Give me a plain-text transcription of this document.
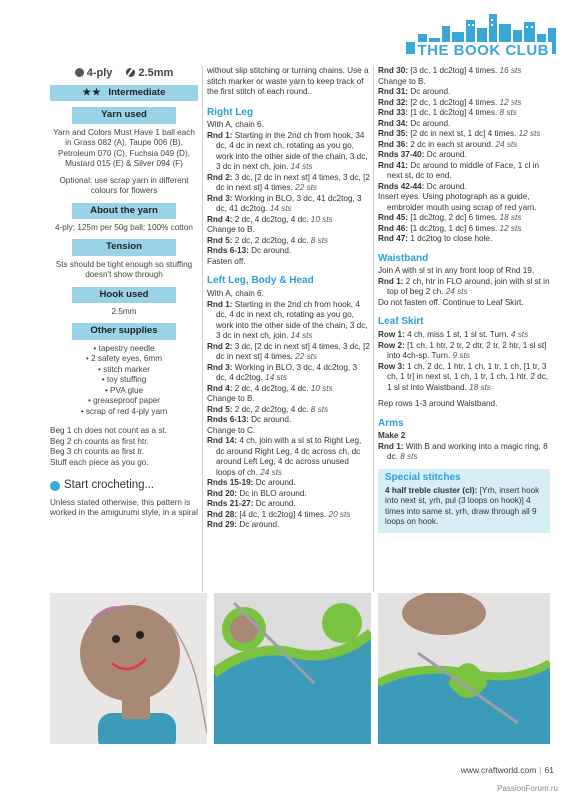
THE BOOK CLUB
4-ply	2.5mm
★★ Intermediate
Yarn used

Yarn and Colors Must Have 1 ball each in Grass 082 (A), Taupe 006 (B), Petroleum 070 (C), Fuchsia 049 (D), Mustard 015 (E) & Silver 094 (F)

Optional: use scrap yarn in different colours for flowers

About the yarn

4-ply; 125m per 50g ball; 100% cotton

Tension

Sts should be tight enough so stuffing doesn't show through

Hook used

2.5mm

Other supplies

• tapestry needle

• 2 safety eyes, 6mm

• stitch marker

• toy stuffing

• PVA glue

• greaseproof paper

• scrap of red 4-ply yarn

Beg 1 ch does not count as a st.

Beg 2 ch counts as first htr.

Beg 3 ch counts as first tr.

Stuff each piece as you go.

Start crocheting...

Unless stated otherwise, this pattern is worked in the amigurumi style, in a spiral

without slip stitching or turning chains. Use a stitch marker or waste yarn to keep track of the first stitch of each round..

Right Leg

With A, chain 6.

Rnd 1: Starting in the 2nd ch from hook, 34 dc, 4 dc in next ch, rotating as you go, work into the other side of the chain, 3 dc, 3 dc in next ch, join. 14 sts

Rnd 2: 3 dc, [2 dc in next st] 4 times, 3 dc, [2 dc in next st] 4 times. 22 sts

Rnd 3: Working in BLO, 3 dc, 41 dc2tog, 3 dc, 41 dc2tog. 14 sts

Rnd 4: 2 dc, 4 dc2tog, 4 dc. 10 sts

Change to B.

Rnd 5: 2 dc, 2 dc2tog, 4 dc. 8 sts

Rnds 6-13: Dc around.

Fasten off.

Left Leg, Body & Head

With A, chain 6.

Rnd 1: Starting in the 2nd ch from hook, 4 dc, 4 dc in next ch, rotating as you go, work into the other side of the chain, 3 dc, 3 dc in next ch, join. 14 sts

Rnd 2: 3 dc, [2 dc in next st] 4 times, 3 dc, [2 dc in next st] 4 times. 22 sts

Rnd 3: Working in BLO, 3 dc, 4 dc2tog, 3 dc, 4 dc2tog. 14 sts

Rnd 4: 2 dc, 4 dc2tog, 4 dc. 10 sts

Change to B.

Rnd 5: 2 dc, 2 dc2tog, 4 dc. 8 sts

Rnds 6-13: Dc around.

Change to C.

Rnd 14: 4 ch, join with a sl st to Right Leg, dc around Right Leg, 4 dc across ch, dc around Left Leg, 4 dc across unused loops of ch. 24 sts

Rnds 15-19: Dc around.

Rnd 20: Dc in BLO around.

Rnds 21-27: Dc around.

Rnd 28: [4 dc, 1 dc2tog] 4 times. 20 sts

Rnd 29: Dc around.

Rnd 30: [3 dc, 1 dc2tog] 4 times. 16 sts

Change to B.

Rnd 31: Dc around.

Rnd 32: [2 dc, 1 dc2tog] 4 times. 12 sts

Rnd 33: [1 dc, 1 dc2tog] 4 times. 8 sts

Rnd 34: Dc around.

Rnd 35: [2 dc in next st, 1 dc] 4 times. 12 sts

Rnd 36: 2 dc in each st around. 24 sts

Rnds 37-40: Dc around.

Rnd 41: Dc around to middle of Face, 1 cl in next st, dc to end.

Rnds 42-44: Dc around.

Insert eyes. Using photograph as a guide, embroider mouth using scrap of red yarn.

Rnd 45: [1 dc2tog, 2 dc] 6 times. 18 sts

Rnd 46: [1 dc2tog, 1 dc] 6 times. 12 sts

Rnd 47: 1 dc2tog to close hole.

Waistband

Join A with sl st in any front loop of Rnd 19.

Rnd 1: 2 ch, htr in FLO around, join with sl st in top of beg 2 ch. 24 sts

Do not fasten off. Continue to Leaf Skirt.

Leaf Skirt

Row 1: 4 ch, miss 1 st, 1 sl st. Turn. 4 sts

Row 2: [1 ch, 1 htr, 2 tr, 2 dtr, 2 tr, 2 htr, 1 sl st] into 4ch-sp. Turn. 9 sts

Row 3: 1 ch, 2 dc, 1 htr, 1 ch, 1 tr, 1 ch, [1 tr, 3 ch, 1 tr] in next st, 1 ch, 1 tr, 1 ch, 1 htr, 2 dc, 1 sl st into Waistband. 18 sts

Rep rows 1-3 around Waistband.

Arms

Make 2

Rnd 1: With B and working into a magic ring, 8 dc. 8 sts

Special stitches

4 half treble cluster (cl): [Yrh, insert hook into next st, yrh, pul (3 loops on hook)] 4 times into same st, yrh, draw through all 9 loops on hook.

www.craftworld.com | 61
PassionForum.ru
